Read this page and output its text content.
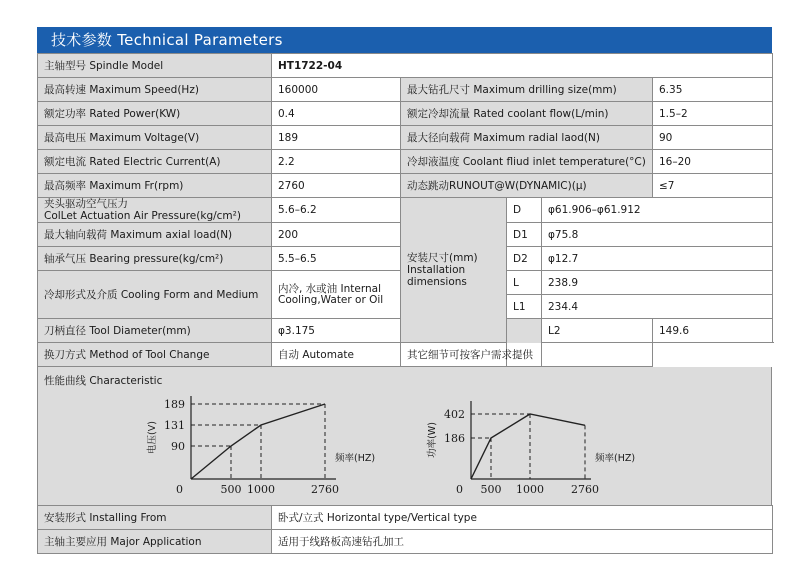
技术参数 Technical Parameters
主轴型号 Spindle Model	HT1722-04				
最高转速 Maximum Speed(Hz)	160000	最大钻孔尺寸 Maximum drilling size(mm)			6.35
额定功率 Rated Power(KW)	0.4	额定冷却流量 Rated coolant flow(L/min)			1.5–2
最高电压 Maximum Voltage(V)	189	最大径向载荷 Maximum radial laod(N)			90
额定电流 Rated Electric Current(A)	2.2	冷却液温度 Coolant fliud inlet temperature(°C)			16–20
最高频率 Maximum Fr(rpm)	2760	动态跳动RUNOUT@W(DYNAMIC)(μ)			≤7
夹头驱动空气压力
ColLet Actuation Air Pressure(kg/cm²)	5.6–6.2	安装尺寸(mm)
Installation
dimensions	D	φ61.906–φ61.912	
最大轴向载荷 Maximum axial load(N)	200		D1	φ75.8	
轴承气压 Bearing pressure(kg/cm²)	5.5–6.5		D2	φ12.7	
冷却形式及介质 Cooling Form and Medium	内冷, 水或油 Internal
Cooling,Water or Oil		L	238.9	
			L1	234.4	
刀柄直径 Tool Diameter(mm)	φ3.175			L2	149.6
换刀方式 Method of Tool Change	自动 Automate	其它细节可按客户需求提供			
性能曲线 Characteristic
500 1000	2760
90
131
189
0
频率(HZ)
电压(V)
500 1000 2760
186
402
0
频率(HZ)
功率(W)
安装形式 Installing From	卧式/立式 Horizontal type/Vertical type
主轴主要应用 Major Application	适用于线路板高速钻孔加工
